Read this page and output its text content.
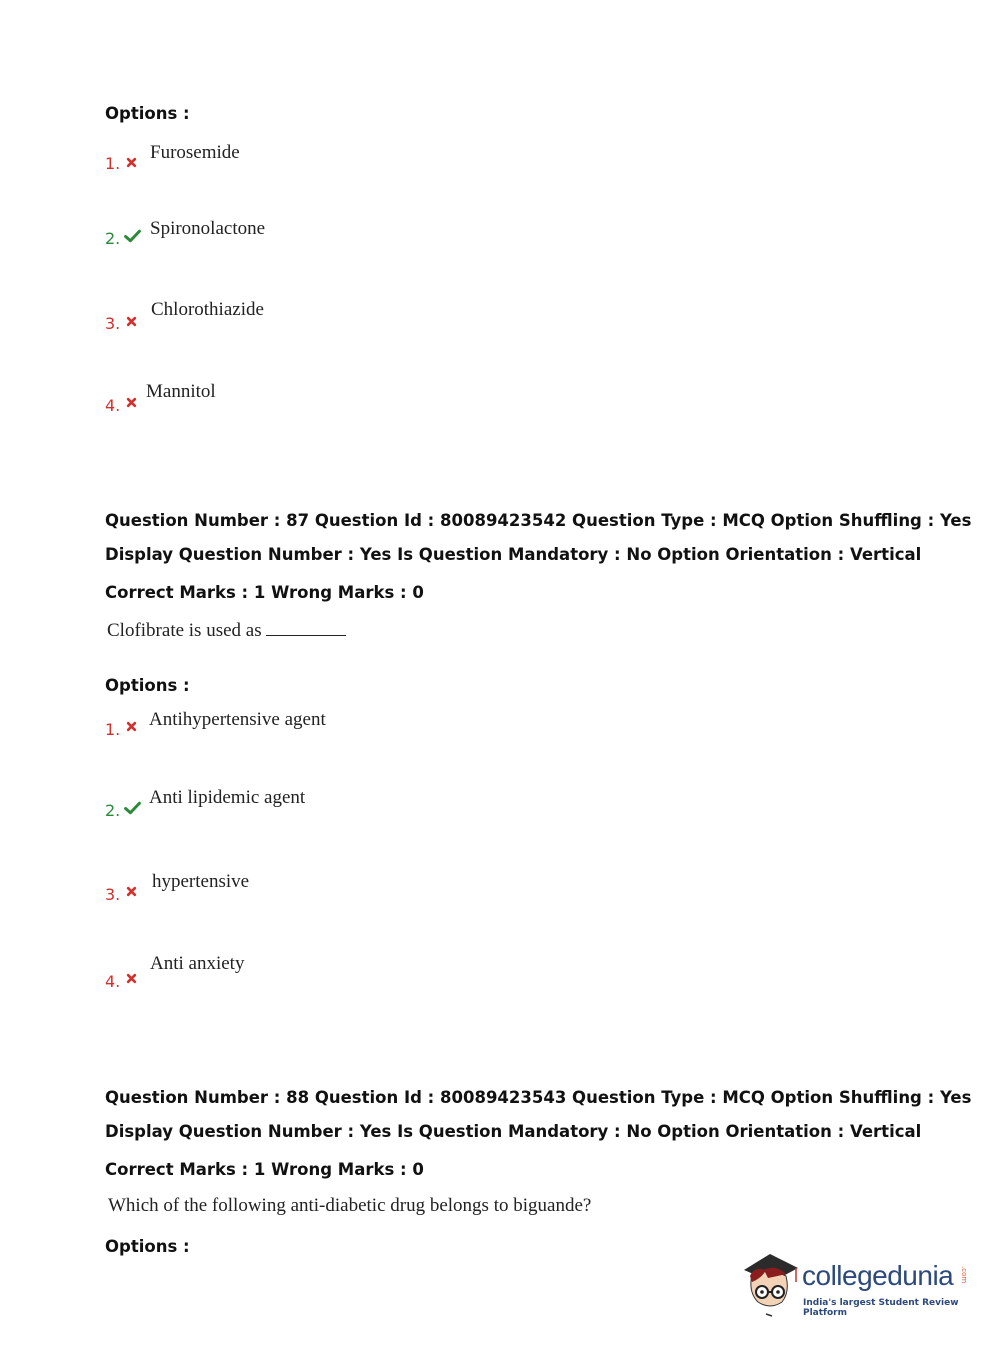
Options :
1.
Furosemide
2. Spironolactone
3.
Chlorothiazide
4.
Mannitol
Question Number : 87 Question Id : 80089423542 Question Type : MCQ Option Shuffling : Yes
Display Question Number : Yes Is Question Mandatory : No Option Orientation : Vertical
Correct Marks : 1 Wrong Marks : 0
Clofibrate is used as
Options :
1. Antihypertensive agent
2.
Anti lipidemic agent
3.
hypertensive
4.
Anti anxiety
Question Number : 88 Question Id : 80089423543 Question Type : MCQ Option Shuffling : Yes
Display Question Number : Yes Is Question Mandatory : No Option Orientation : Vertical
Correct Marks : 1 Wrong Marks : 0
Which of the following anti-diabetic drug belongs to biguande?
Options :
collegedunia .com
India's largest Student Review Platform
